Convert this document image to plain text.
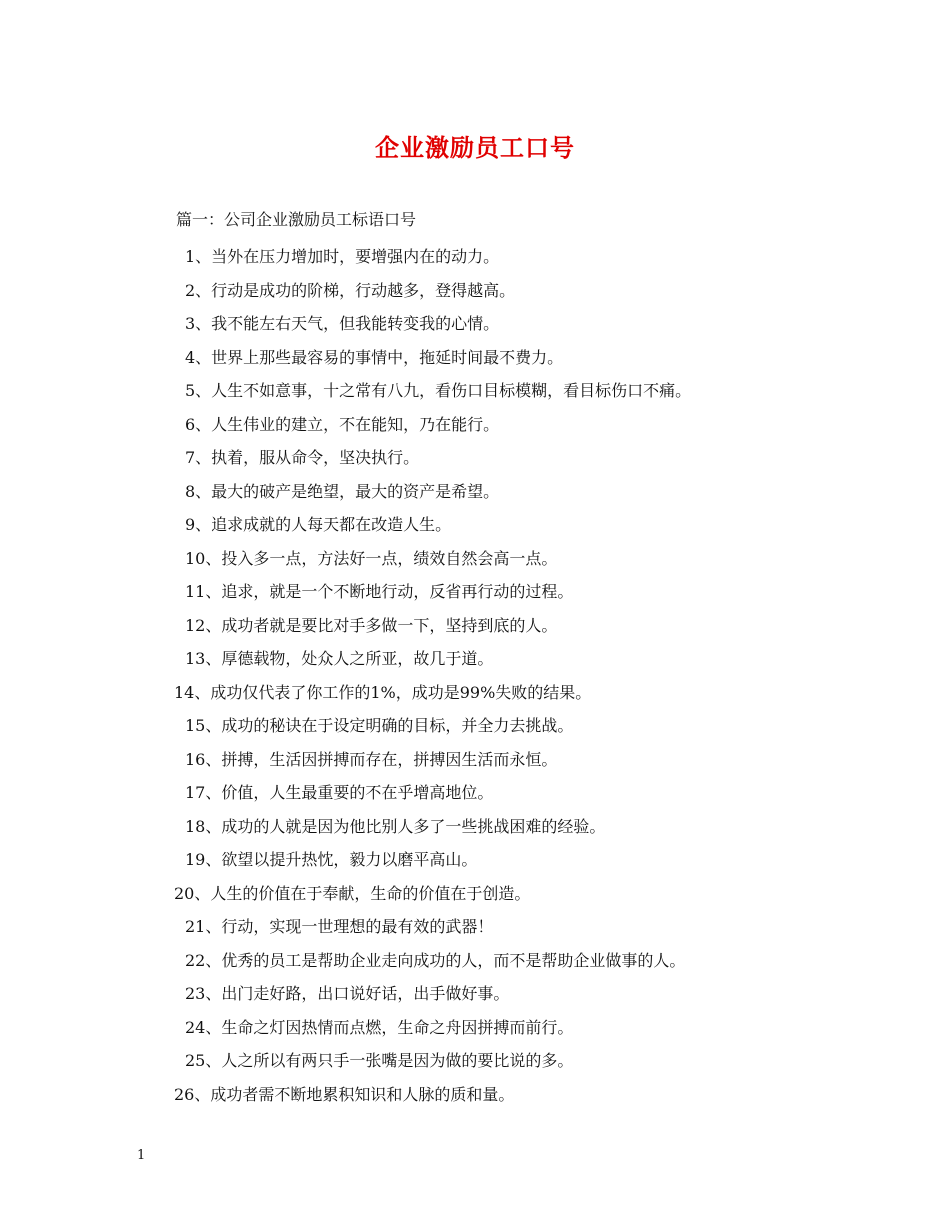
企业激励员工口号
篇一：公司企业激励员工标语口号
1、当外在压力增加时，要增强内在的动力。
2、行动是成功的阶梯，行动越多，登得越高。
3、我不能左右天气，但我能转变我的心情。
4、世界上那些最容易的事情中，拖延时间最不费力。
5、人生不如意事，十之常有八九，看伤口目标模糊，看目标伤口不痛。
6、人生伟业的建立，不在能知，乃在能行。
7、执着，服从命令，坚决执行。
8、最大的破产是绝望，最大的资产是希望。
9、追求成就的人每天都在改造人生。
10、投入多一点，方法好一点，绩效自然会高一点。
11、追求，就是一个不断地行动，反省再行动的过程。
12、成功者就是要比对手多做一下，坚持到底的人。
13、厚德载物，处众人之所亚，故几于道。
14、成功仅代表了你工作的1%，成功是99%失败的结果。
15、成功的秘诀在于设定明确的目标，并全力去挑战。
16、拼搏，生活因拼搏而存在，拼搏因生活而永恒。
17、价值，人生最重要的不在乎增高地位。
18、成功的人就是因为他比别人多了一些挑战困难的经验。
19、欲望以提升热忱，毅力以磨平高山。
20、人生的价值在于奉献，生命的价值在于创造。
21、行动，实现一世理想的最有效的武器！
22、优秀的员工是帮助企业走向成功的人，而不是帮助企业做事的人。
23、出门走好路，出口说好话，出手做好事。
24、生命之灯因热情而点燃，生命之舟因拼搏而前行。
25、人之所以有两只手一张嘴是因为做的要比说的多。
26、成功者需不断地累积知识和人脉的质和量。
1
